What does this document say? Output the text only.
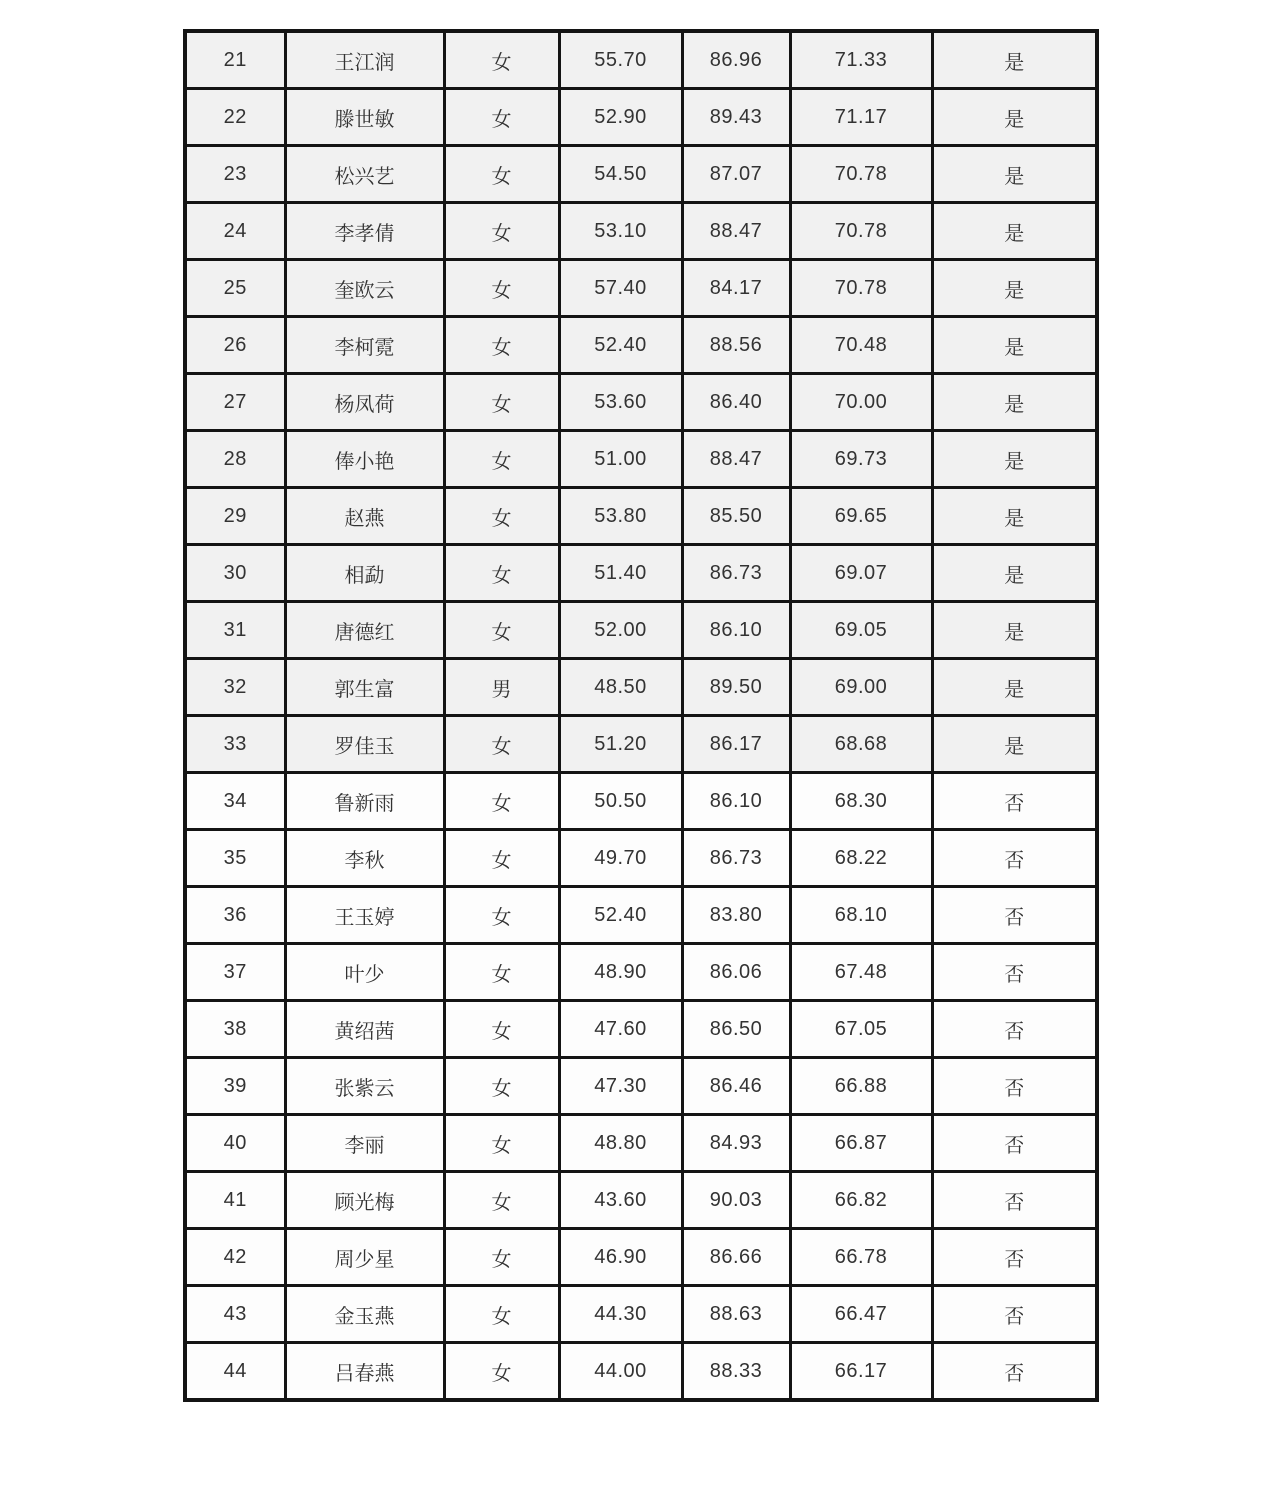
21	王江润	女	55.70	86.96	71.33	是
22	滕世敏	女	52.90	89.43	71.17	是
23	松兴艺	女	54.50	87.07	70.78	是
24	李孝倩	女	53.10	88.47	70.78	是
25	奎欧云	女	57.40	84.17	70.78	是
26	李柯霓	女	52.40	88.56	70.48	是
27	杨凤荷	女	53.60	86.40	70.00	是
28	俸小艳	女	51.00	88.47	69.73	是
29	赵燕	女	53.80	85.50	69.65	是
30	相勐	女	51.40	86.73	69.07	是
31	唐德红	女	52.00	86.10	69.05	是
32	郭生富	男	48.50	89.50	69.00	是
33	罗佳玉	女	51.20	86.17	68.68	是
34	鲁新雨	女	50.50	86.10	68.30	否
35	李秋	女	49.70	86.73	68.22	否
36	王玉婷	女	52.40	83.80	68.10	否
37	叶少	女	48.90	86.06	67.48	否
38	黄绍茜	女	47.60	86.50	67.05	否
39	张紫云	女	47.30	86.46	66.88	否
40	李丽	女	48.80	84.93	66.87	否
41	顾光梅	女	43.60	90.03	66.82	否
42	周少星	女	46.90	86.66	66.78	否
43	金玉燕	女	44.30	88.63	66.47	否
44	吕春燕	女	44.00	88.33	66.17	否
